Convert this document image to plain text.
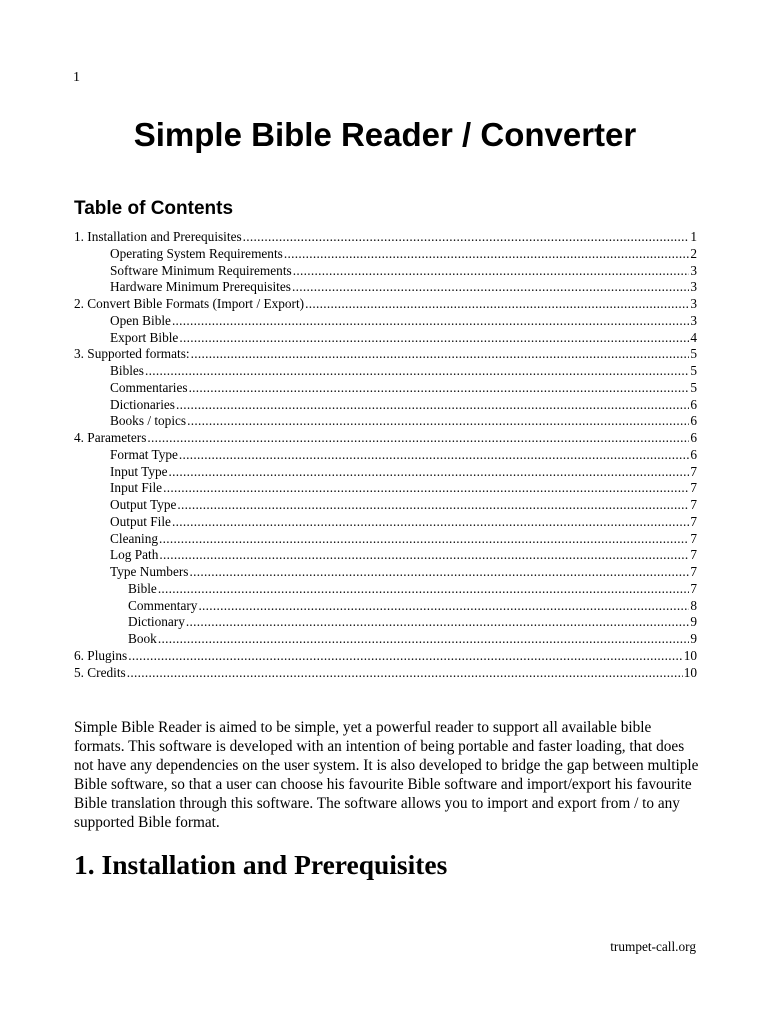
1
Simple Bible Reader / Converter
Table of Contents
1. Installation and Prerequisites .....	1
Operating System Requirements .....	2
Software Minimum Requirements .....	3
Hardware Minimum Prerequisites .....	3
2. Convert Bible Formats (Import / Export) .....	3
Open Bible .....	3
Export Bible .....	4
3. Supported formats: .....	5
Bibles .....	5
Commentaries .....	5
Dictionaries .....	6
Books / topics .....	6
4. Parameters .....	6
Format Type .....	6
Input Type .....	7
Input File .....	7
Output Type .....	7
Output File .....	7
Cleaning .....	7
Log Path .....	7
Type Numbers .....	7
Bible .....	7
Commentary .....	8
Dictionary .....	9
Book .....	9
6. Plugins .....	10
5. Credits .....	10

Simple Bible Reader is aimed to be simple, yet a powerful reader to support all available bible formats. This software is developed with an intention of being portable and faster loading, that does not have any dependencies on the user system. It is also developed to bridge the gap between multiple Bible software, so that a user can choose his favourite Bible software and import/export his favourite Bible translation through this software. The software allows you to import and export from / to any supported Bible format.

1. Installation and Prerequisites
trumpet-call.org
